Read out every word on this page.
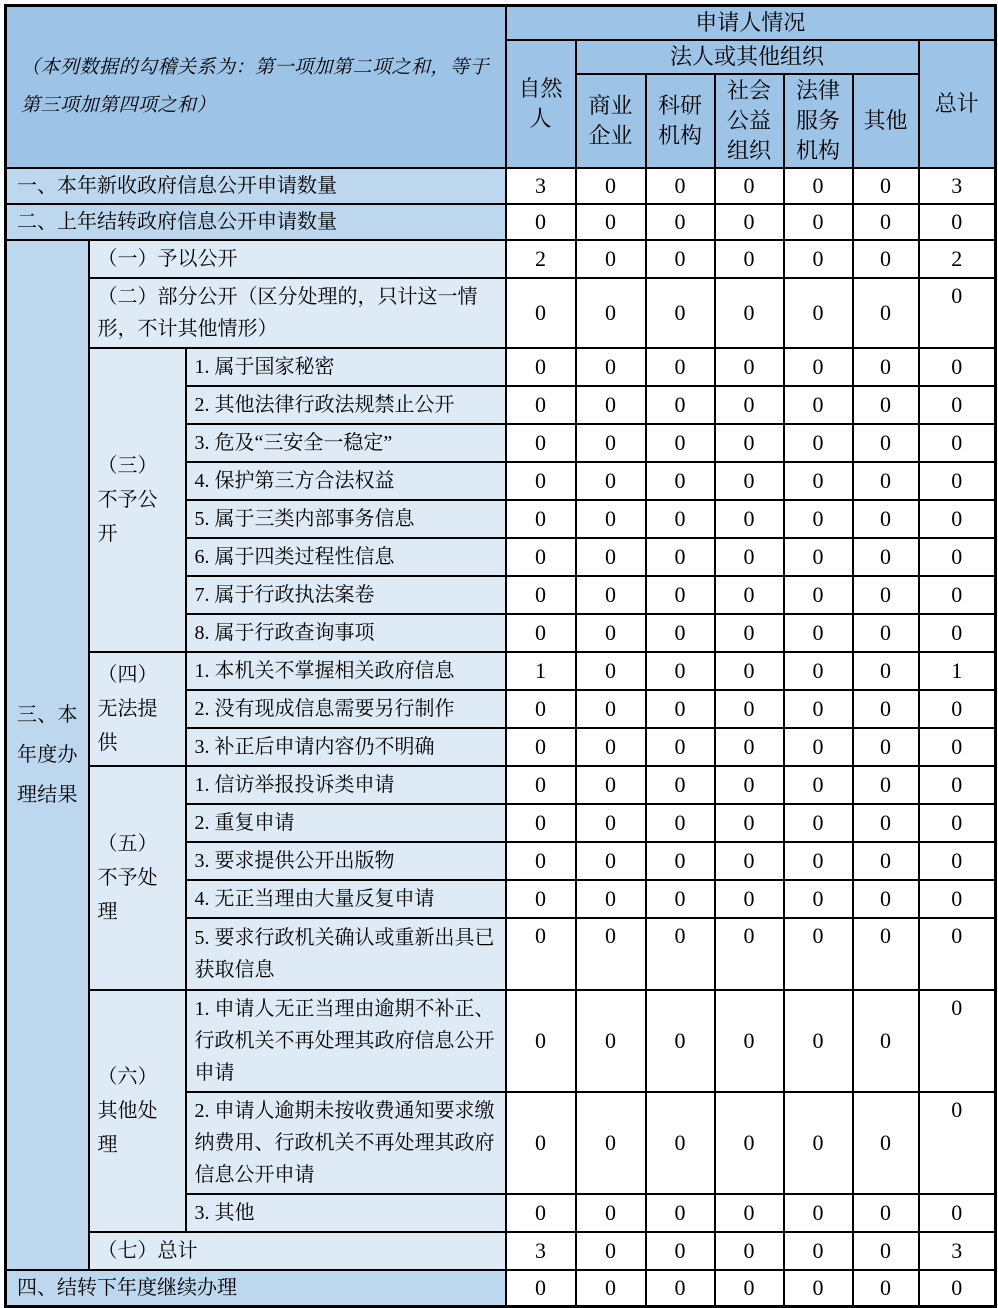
（本列数据的勾稽关系为：第一项加第二项之和，等于第三项加第四项之和）			申请人情况						
			自然人	法人或其他组织					总计
				商业企业	科研机构	社会公益组织	法律服务机构	其他	
一、本年新收政府信息公开申请数量			3	0	0	0	0	0	3
二、上年结转政府信息公开申请数量			0	0	0	0	0	0	0
三、本年度办理结果	（一）予以公开		2	0	0	0	0	0	2
	（二）部分公开（区分处理的，只计这一情形，不计其他情形）		0	0	0	0	0	0	0
	（三）不予公开	1. 属于国家秘密	0	0	0	0	0	0	0
		2. 其他法律行政法规禁止公开	0	0	0	0	0	0	0
		3. 危及“三安全一稳定”	0	0	0	0	0	0	0
		4. 保护第三方合法权益	0	0	0	0	0	0	0
		5. 属于三类内部事务信息	0	0	0	0	0	0	0
		6. 属于四类过程性信息	0	0	0	0	0	0	0
		7. 属于行政执法案卷	0	0	0	0	0	0	0
		8. 属于行政查询事项	0	0	0	0	0	0	0
	（四）无法提供	1. 本机关不掌握相关政府信息	1	0	0	0	0	0	1
		2. 没有现成信息需要另行制作	0	0	0	0	0	0	0
		3. 补正后申请内容仍不明确	0	0	0	0	0	0	0
	（五）不予处理	1. 信访举报投诉类申请	0	0	0	0	0	0	0
		2. 重复申请	0	0	0	0	0	0	0
		3. 要求提供公开出版物	0	0	0	0	0	0	0
		4. 无正当理由大量反复申请	0	0	0	0	0	0	0
		5. 要求行政机关确认或重新出具已获取信息	0	0	0	0	0	0	0
	（六）其他处理	1. 申请人无正当理由逾期不补正、行政机关不再处理其政府信息公开申请	0	0	0	0	0	0	0
		2. 申请人逾期未按收费通知要求缴纳费用、行政机关不再处理其政府信息公开申请	0	0	0	0	0	0	0
		3. 其他	0	0	0	0	0	0	0
	（七）总计		3	0	0	0	0	0	3
四、结转下年度继续办理			0	0	0	0	0	0	0
